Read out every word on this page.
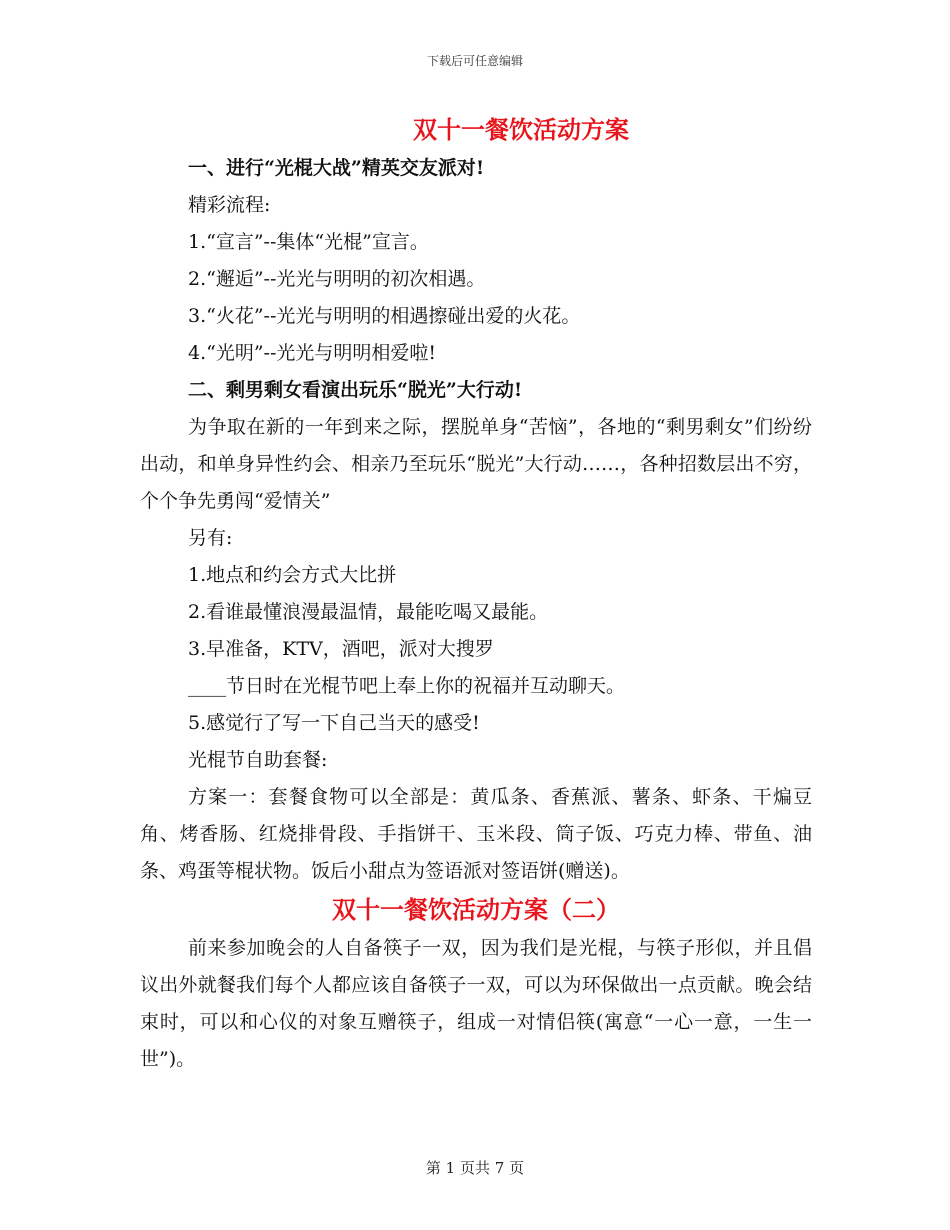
下载后可任意编辑
双十一餐饮活动方案
一、进行“光棍大战”精英交友派对!
精彩流程:
1.“宣言”--集体“光棍”宣言。
2.“邂逅”--光光与明明的初次相遇。
3.“火花”--光光与明明的相遇擦碰出爱的火花。
4.“光明”--光光与明明相爱啦!
二、剩男剩女看演出玩乐“脱光”大行动!
为争取在新的一年到来之际，摆脱单身“苦恼”，各地的“剩男剩女”们纷纷出动，和单身异性约会、相亲乃至玩乐“脱光”大行动……，各种招数层出不穷，个个争先勇闯“爱情关”
另有:
1.地点和约会方式大比拼
2.看谁最懂浪漫最温情，最能吃喝又最能。
3.早准备，KTV，酒吧，派对大搜罗
____节日时在光棍节吧上奉上你的祝福并互动聊天。
5.感觉行了写一下自己当天的感受!
光棍节自助套餐:
方案一：套餐食物可以全部是：黄瓜条、香蕉派、薯条、虾条、干煸豆角、烤香肠、红烧排骨段、手指饼干、玉米段、筒子饭、巧克力棒、带鱼、油条、鸡蛋等棍状物。饭后小甜点为签语派对签语饼(赠送)。
双十一餐饮活动方案（二）
前来参加晚会的人自备筷子一双，因为我们是光棍，与筷子形似，并且倡议出外就餐我们每个人都应该自备筷子一双，可以为环保做出一点贡献。晚会结束时，可以和心仪的对象互赠筷子，组成一对情侣筷(寓意“一心一意，一生一世”)。
第 1 页共 7 页
